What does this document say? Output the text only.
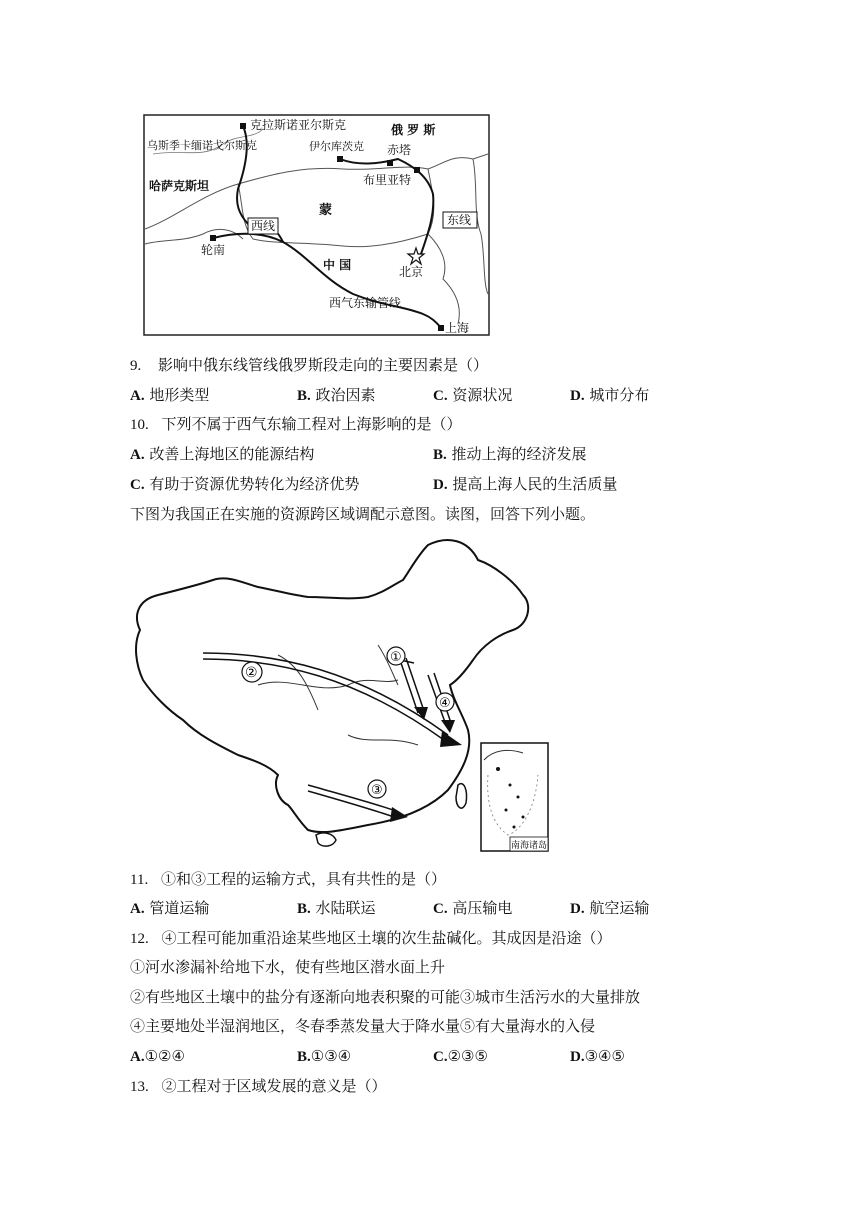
克拉斯诺亚尔斯克
乌斯季卡缅诺戈尔斯克
俄 罗 斯
伊尔库茨克 赤塔
布里亚特
哈萨克斯坦
蒙
西线	东线
轮南
中 国	北京
西气东输管线
上海
9. 影响中俄东线管线俄罗斯段走向的主要因素是（）
A. 地形类型	B. 政治因素	C. 资源状况	D. 城市分布
10. 下列不属于西气东输工程对上海影响的是（）
A. 改善上海地区的能源结构	B. 推动上海的经济发展
C. 有助于资源优势转化为经济优势	D. 提高上海人民的生活质量
下图为我国正在实施的资源跨区域调配示意图。读图，回答下列小题。
①
②
③
④
南海诸岛
11. ①和③工程的运输方式，具有共性的是（）
A. 管道运输	B. 水陆联运	C. 高压输电	D. 航空运输
12. ④工程可能加重沿途某些地区土壤的次生盐碱化。其成因是沿途（）
①河水渗漏补给地下水，使有些地区潜水面上升
②有些地区土壤中的盐分有逐渐向地表积聚的可能③城市生活污水的大量排放
④主要地处半湿润地区，冬春季蒸发量大于降水量⑤有大量海水的入侵
A.①②④	B.①③④	C.②③⑤	D.③④⑤
13. ②工程对于区域发展的意义是（）
